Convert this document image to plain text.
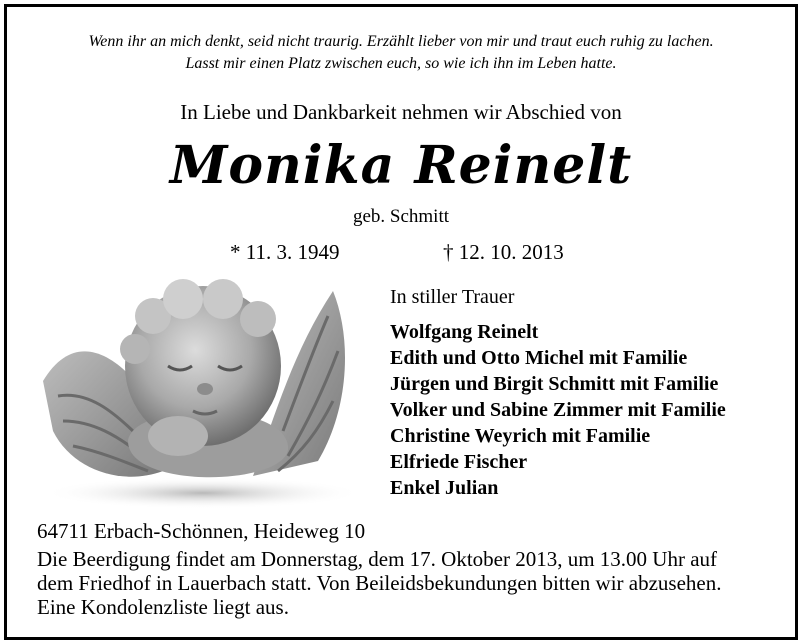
Wenn ihr an mich denkt, seid nicht traurig. Erzählt lieber von mir und traut euch ruhig zu lachen.
Lasst mir einen Platz zwischen euch, so wie ich ihn im Leben hatte.
In Liebe und Dankbarkeit nehmen wir Abschied von
Monika Reinelt
geb. Schmitt
* 11. 3. 1949	† 12. 10. 2013
In stiller Trauer
Wolfgang Reinelt
Edith und Otto Michel mit Familie
Jürgen und Birgit Schmitt mit Familie
Volker und Sabine Zimmer mit Familie
Christine Weyrich mit Familie
Elfriede Fischer
Enkel Julian
64711 Erbach-Schönnen, Heideweg 10
Die Beerdigung findet am Donnerstag, dem 17. Oktober 2013, um 13.00 Uhr auf
dem Friedhof in Lauerbach statt. Von Beileidsbekundungen bitten wir abzusehen.
Eine Kondolenzliste liegt aus.
